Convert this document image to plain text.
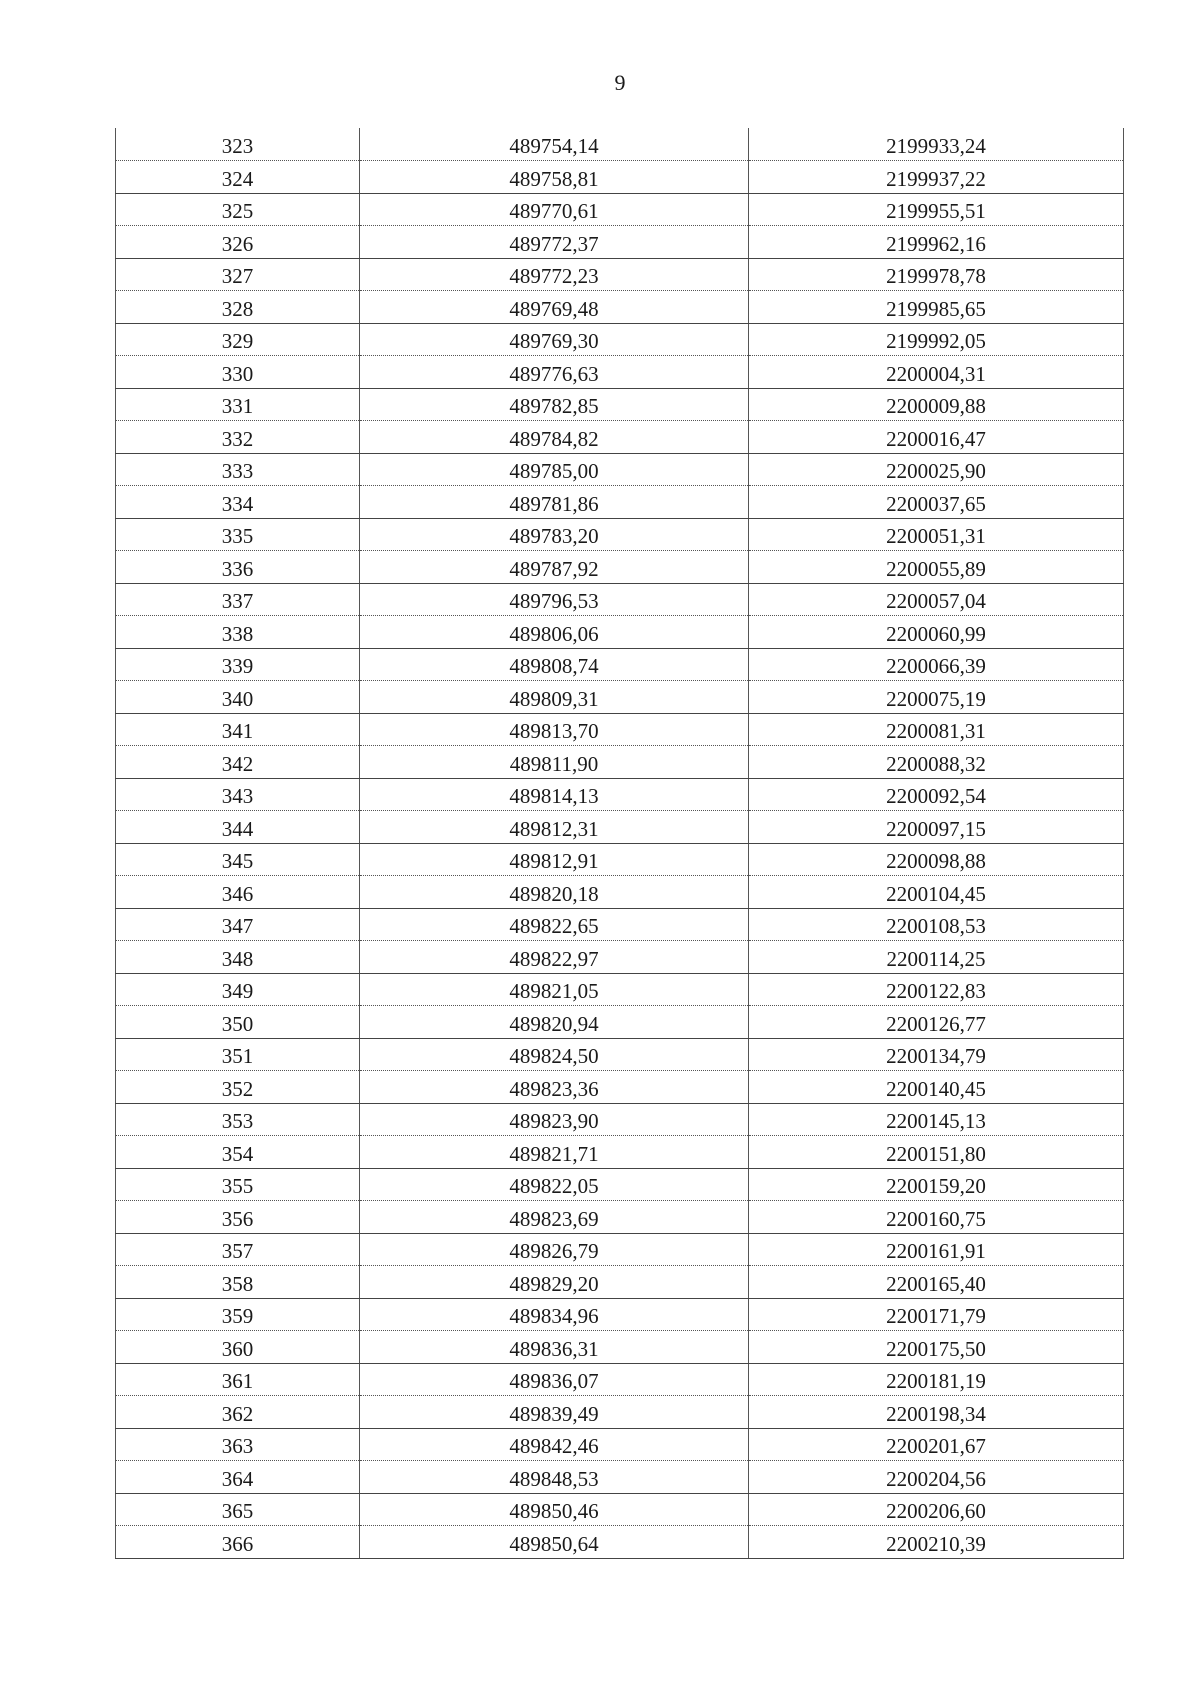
9
323	489754,14	2199933,24
324	489758,81	2199937,22
325	489770,61	2199955,51
326	489772,37	2199962,16
327	489772,23	2199978,78
328	489769,48	2199985,65
329	489769,30	2199992,05
330	489776,63	2200004,31
331	489782,85	2200009,88
332	489784,82	2200016,47
333	489785,00	2200025,90
334	489781,86	2200037,65
335	489783,20	2200051,31
336	489787,92	2200055,89
337	489796,53	2200057,04
338	489806,06	2200060,99
339	489808,74	2200066,39
340	489809,31	2200075,19
341	489813,70	2200081,31
342	489811,90	2200088,32
343	489814,13	2200092,54
344	489812,31	2200097,15
345	489812,91	2200098,88
346	489820,18	2200104,45
347	489822,65	2200108,53
348	489822,97	2200114,25
349	489821,05	2200122,83
350	489820,94	2200126,77
351	489824,50	2200134,79
352	489823,36	2200140,45
353	489823,90	2200145,13
354	489821,71	2200151,80
355	489822,05	2200159,20
356	489823,69	2200160,75
357	489826,79	2200161,91
358	489829,20	2200165,40
359	489834,96	2200171,79
360	489836,31	2200175,50
361	489836,07	2200181,19
362	489839,49	2200198,34
363	489842,46	2200201,67
364	489848,53	2200204,56
365	489850,46	2200206,60
366	489850,64	2200210,39
